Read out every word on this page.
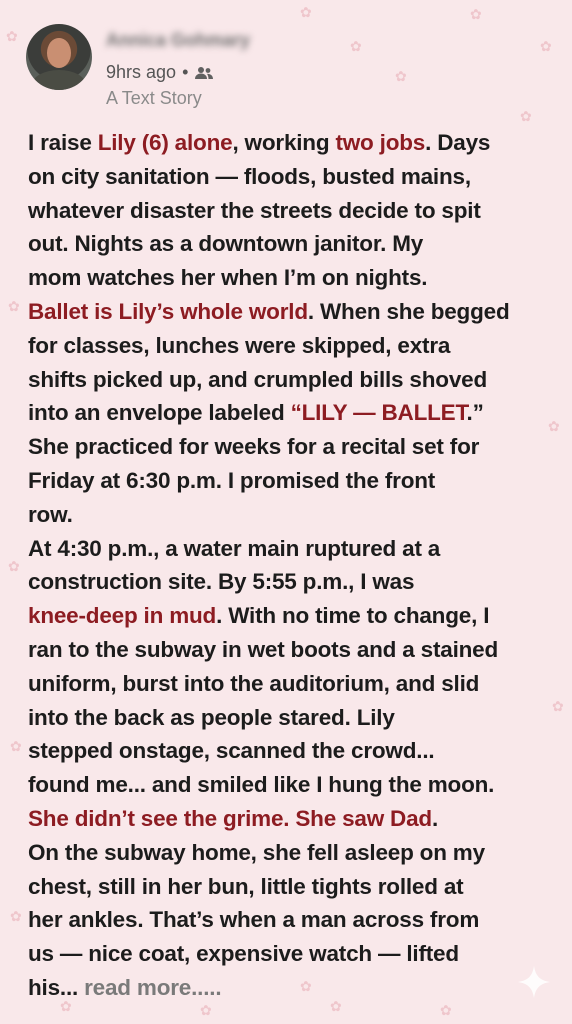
✿
✿
✿
✿
✿
✿
✿
✿
✿
✿
✿
✿
✿
✿	✿	✿	✿
✿
Annica Gohmary
9hrs ago •
A Text Story
I raise Lily (6) alone, working two jobs. Days
on city sanitation — floods, busted mains,
whatever disaster the streets decide to spit
out. Nights as a downtown janitor. My
mom watches her when I’m on nights.
Ballet is Lily’s whole world. When she begged
for classes, lunches were skipped, extra
shifts picked up, and crumpled bills shoved
into an envelope labeled “LILY — BALLET.”
She practiced for weeks for a recital set for
Friday at 6:30 p.m. I promised the front
row.
At 4:30 p.m., a water main ruptured at a
construction site. By 5:55 p.m., I was
knee-deep in mud. With no time to change, I
ran to the subway in wet boots and a stained
uniform, burst into the auditorium, and slid
into the back as people stared. Lily
stepped onstage, scanned the crowd...
found me... and smiled like I hung the moon.
She didn’t see the grime. She saw Dad.
On the subway home, she fell asleep on my
chest, still in her bun, little tights rolled at
her ankles. That’s when a man across from
us — nice coat, expensive watch — lifted
his... read more.....
